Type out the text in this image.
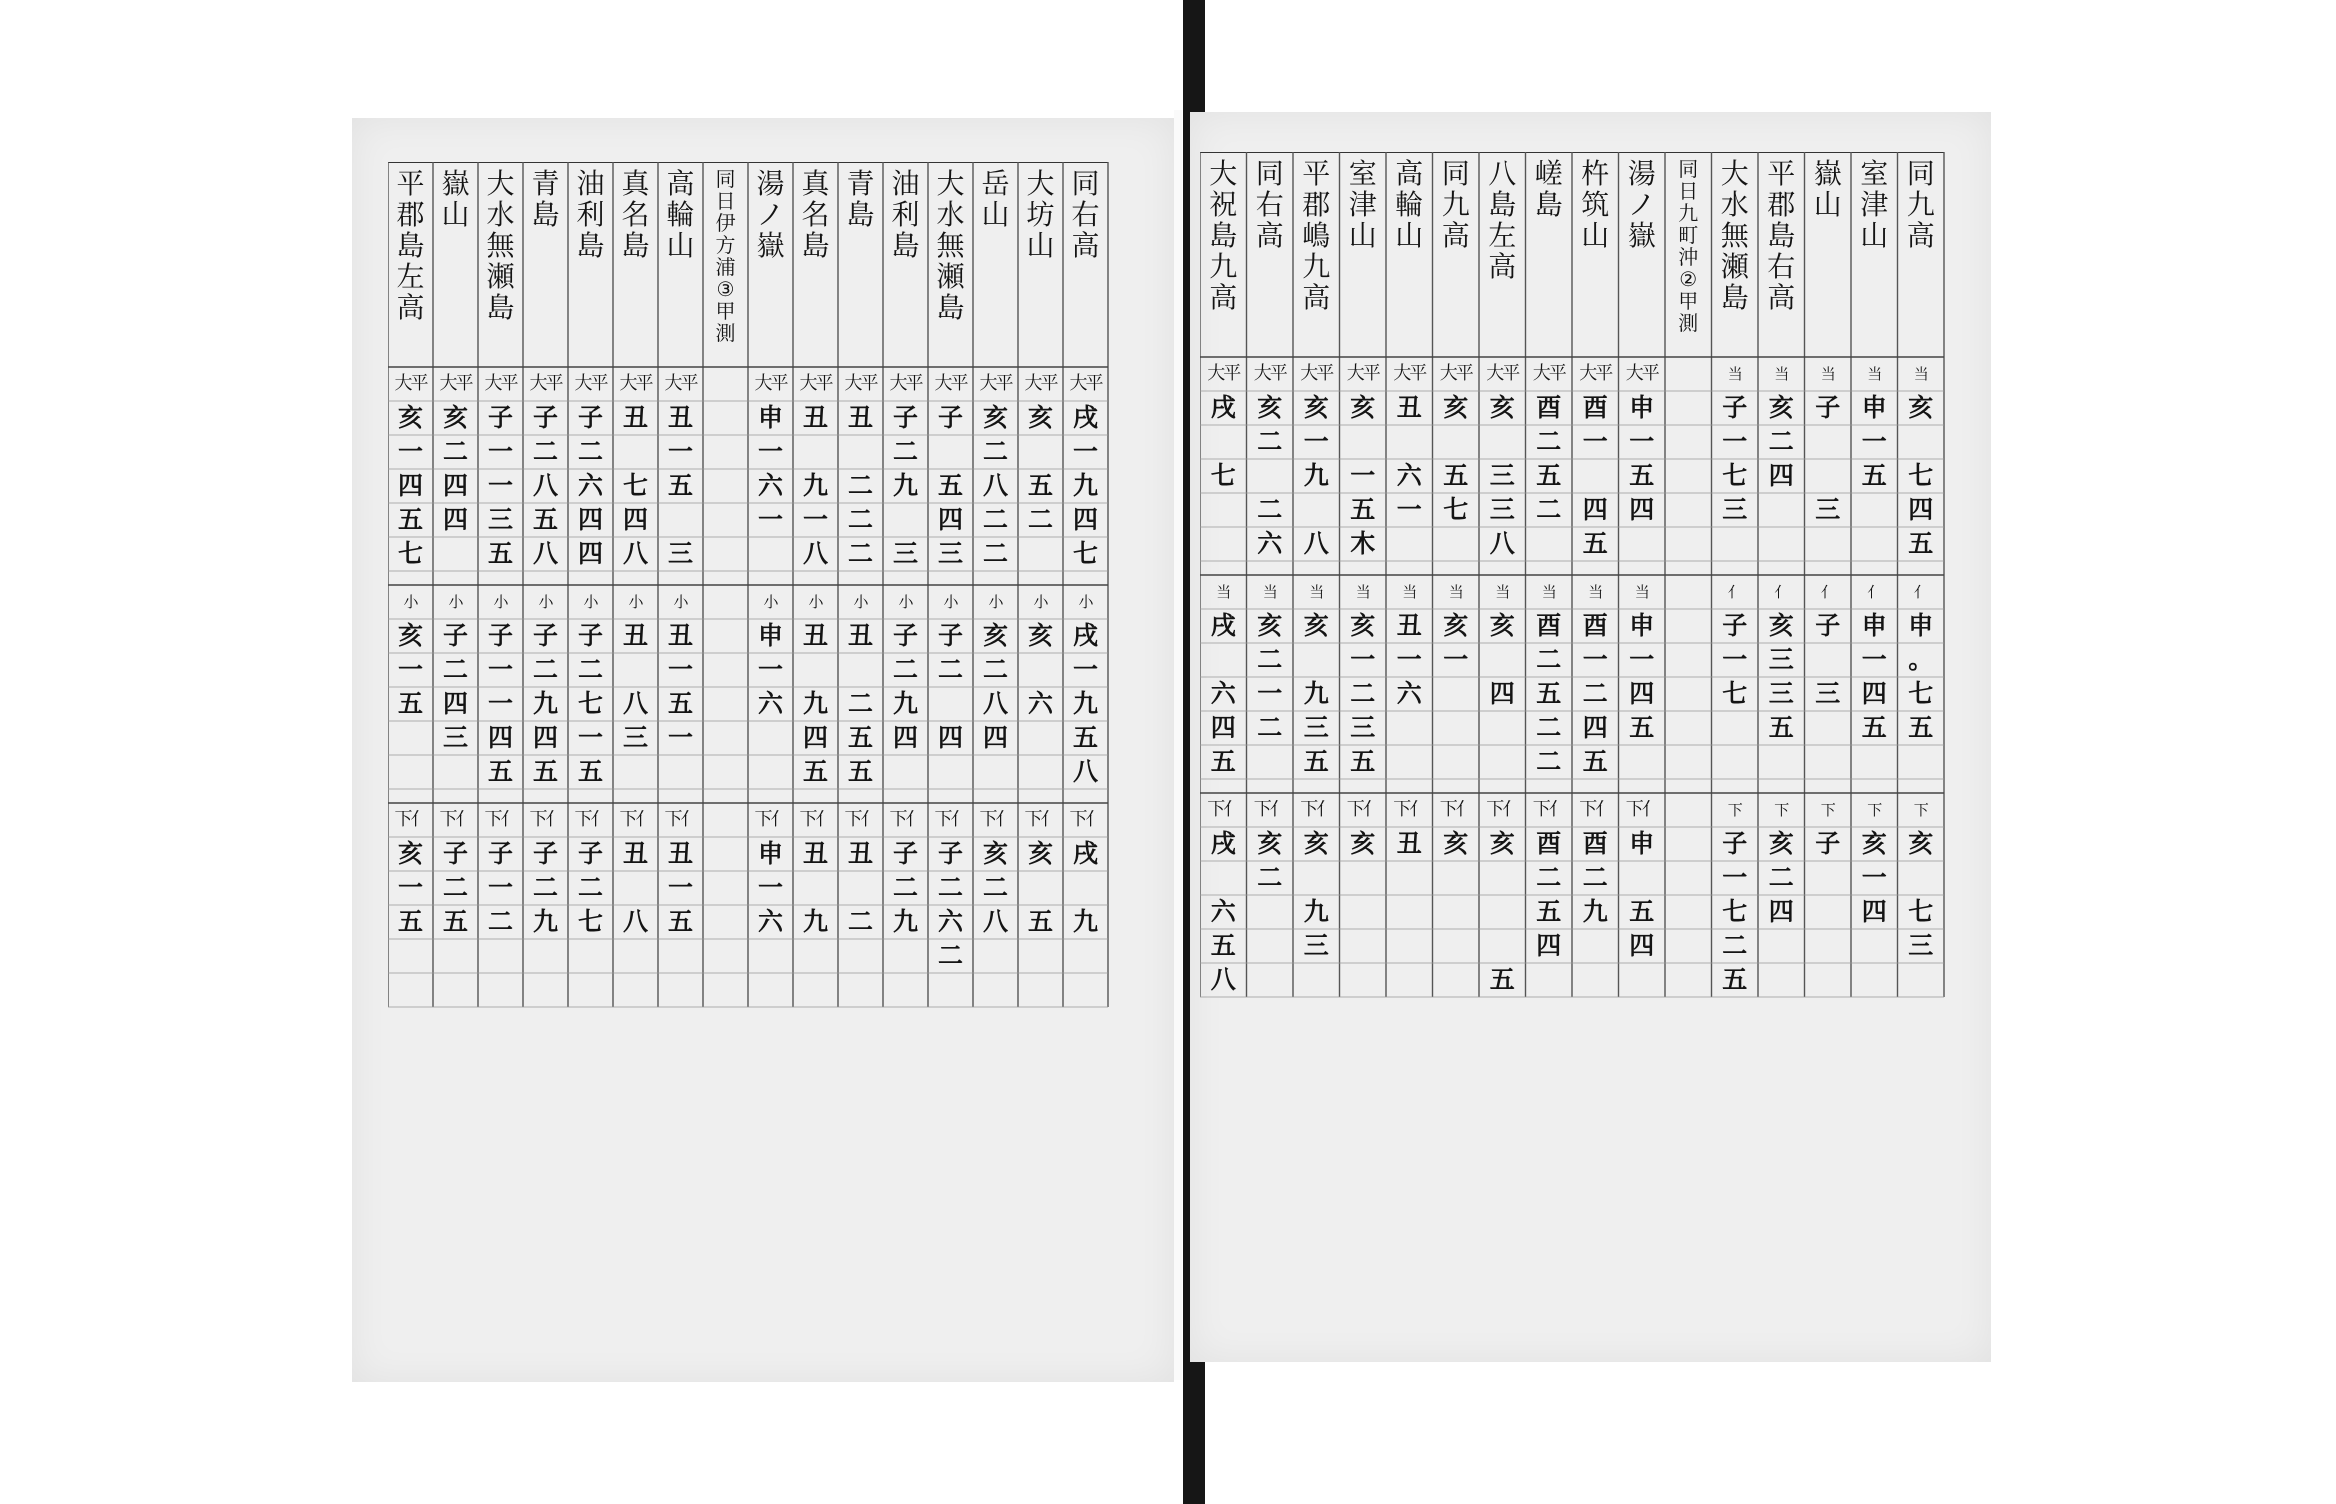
同
右
高
大平
戌
一
九
四
七
小
戌
一
九
五
八
下亻
戌
九
大
坊
山
大平
亥
五
二
小
亥
六
下亻
亥
五
岳
山
大平
亥
二
八
二
二
小
亥
二
八
四
下亻
亥
二
八
大
水
無
瀬
島
大平
子
五
四
三
小
子
二
四
下亻
子
二
六
二
油
利
島
大平
子
二
九
三
小
子
二
九
四
下亻
子
二
九
青
島
大平
丑
二
二
二
小
丑
二
五
五
下亻
丑
二
真
名
島
大平
丑
九
一
八
小
丑
九
四
五
下亻
丑
九
湯
ノ
嶽
大平
申
一
六
一
小
申
一
六
下亻
申
一
六
同
日
伊
方
浦
③
甲
測
高
輪
山
大平
丑
一
五
三
小
丑
一
五
一
下亻
丑
一
五
真
名
島
大平
丑
七
四
八
小
丑
八
三
下亻
丑
八
油
利
島
大平
子
二
六
四
四
小
子
二
七
一
五
下亻
子
二
七
青
島
大平
子
二
八
五
八
小
子
二
九
四
五
下亻
子
二
九
大
水
無
瀬
島
大平
子
一
一
三
五
小
子
一
一
四
五
下亻
子
一
二
嶽
山
大平
亥
二
四
四
小
子
二
四
三
下亻
子
二
五
平
郡
島
左
高
大平
亥
一
四
五
七
小
亥
一
五
下亻
亥
一
五
同
九
高
当
亥
七
四
五
亻
申
。
七
五
下
亥
七
三
室
津
山
当
申
一
五
亻
申
一
四
五
下
亥
一
四
嶽
山
当
子
三
亻
子
三
下
子
平
郡
島
右
高
当
亥
二
四
亻
亥
三
三
五
下
亥
二
四
大
水
無
瀬
島
当
子
一
七
三
亻
子
一
七
下
子
一
七
二
五
同
日
九
町
沖
②
甲
測
湯
ノ
嶽
大平
申
一
五
四
当
申
一
四
五
下亻
申
五
四
杵
筑
山
大平
酉
一
四
五
当
酉
一
二
四
五
下亻
酉
二
九
嵯
島
大平
酉
二
五
二
当
酉
二
五
二
二
下亻
酉
二
五
四
八
島
左
高
大平
亥
三
三
八
当
亥
四
下亻
亥
五
同
九
高
大平
亥
五
七
当
亥
一
下亻
亥
高
輪
山
大平
丑
六
一
当
丑
一
六
下亻
丑
室
津
山
大平
亥
一
五
木
当
亥
一
二
三
五
下亻
亥
平
郡
嶋
九
高
大平
亥
一
九
八
当
亥
九
三
五
下亻
亥
九
三
同
右
高
大平
亥
二
二
六
当
亥
二
一
二
下亻
亥
二
大
祝
島
九
高
大平
戌
七
当
戌
六
四
五
下亻
戌
六
五
八
